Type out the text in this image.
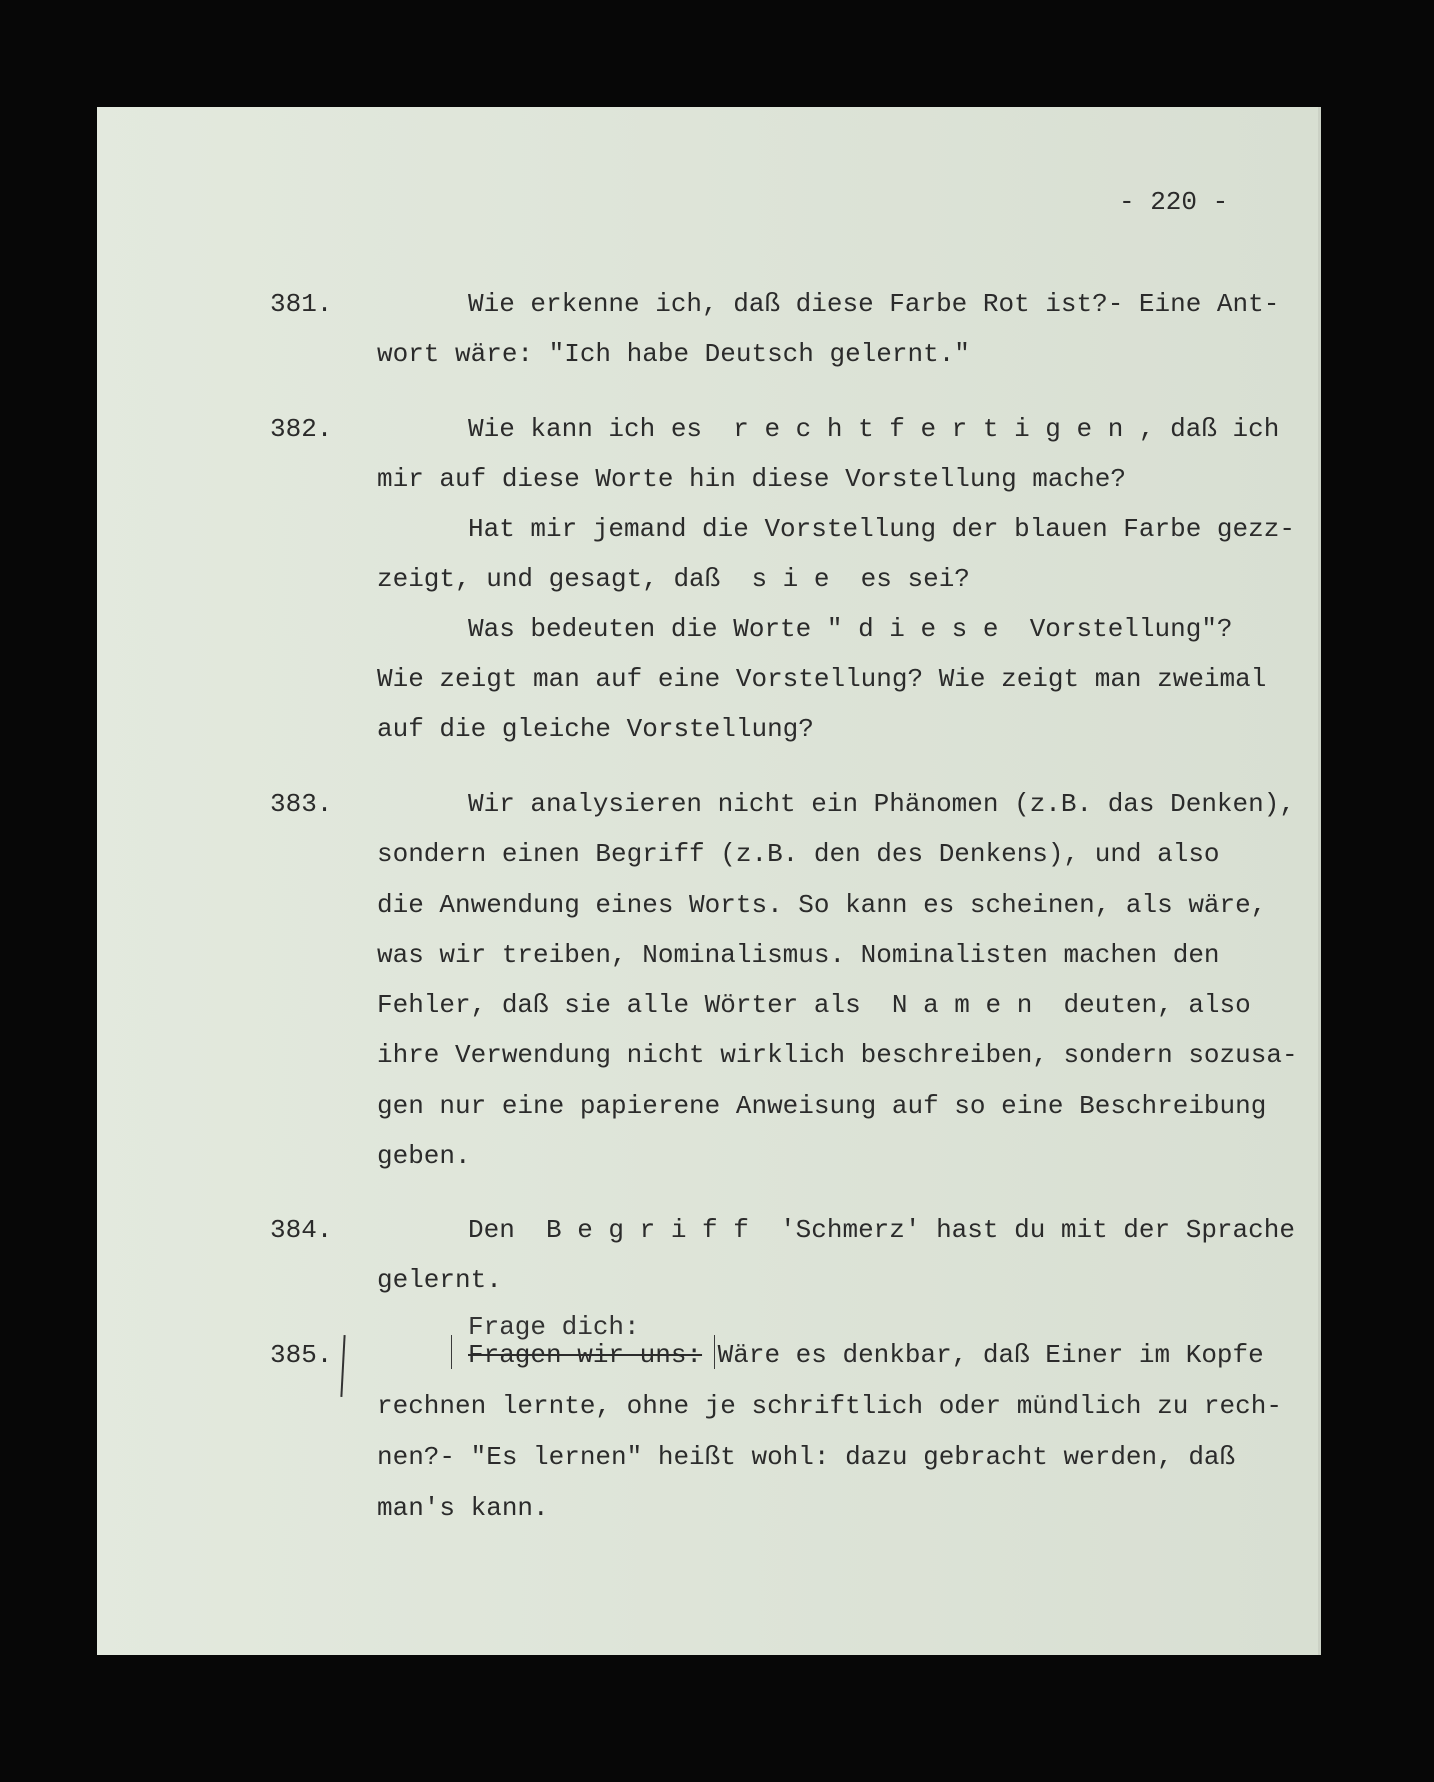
- 220 -
381.	Wie erkenne ich, daß diese Farbe Rot ist?- Eine Ant-
wort wäre: "Ich habe Deutsch gelernt."
382.	Wie kann ich es  r e c h t f e r t i g e n , daß ich
mir auf diese Worte hin diese Vorstellung mache?
Hat mir jemand die Vorstellung der blauen Farbe gezz-
zeigt, und gesagt, daß  s i e  es sei?
Was bedeuten die Worte " d i e s e  Vorstellung"?
Wie zeigt man auf eine Vorstellung? Wie zeigt man zweimal
auf die gleiche Vorstellung?
383.	Wir analysieren nicht ein Phänomen (z.B. das Denken),
sondern einen Begriff (z.B. den des Denkens), und also
die Anwendung eines Worts. So kann es scheinen, als wäre,
was wir treiben, Nominalismus. Nominalisten machen den
Fehler, daß sie alle Wörter als  N a m e n  deuten, also
ihre Verwendung nicht wirklich beschreiben, sondern sozusa-
gen nur eine papierene Anweisung auf so eine Beschreibung
geben.
384.	Den  B e g r i f f  'Schmerz' hast du mit der Sprache
gelernt.
Frage dich:
385.	Fragen wir uns: Wäre es denkbar, daß Einer im Kopfe
rechnen lernte, ohne je schriftlich oder mündlich zu rech-
nen?- "Es lernen" heißt wohl: dazu gebracht werden, daß
man's kann.
